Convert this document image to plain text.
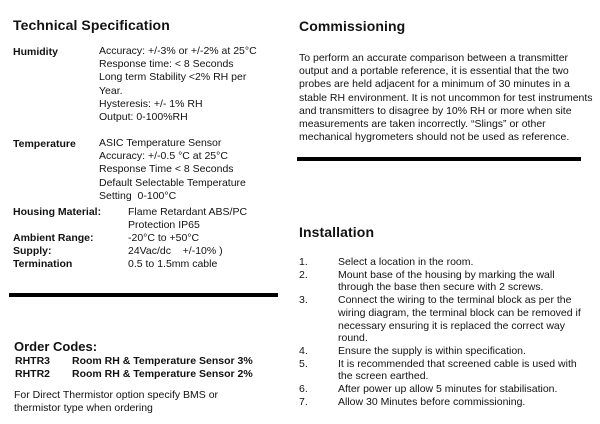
Technical Specification
Humidity	Accuracy: +/-3% or +/-2% at 25°C
Response time: < 8 Seconds
Long term Stability <2% RH per
Year.
Hysteresis: +/- 1% RH
Output: 0-100%RH
Temperature ASIC Temperature Sensor
Accuracy: +/-0.5 °C at 25°C
Response Time < 8 Seconds
Default Selectable Temperature
Setting  0-100°C
Housing Material:	Flame Retardant ABS/PC
Protection IP65
Ambient Range:	-20°C to +50°C
Supply:	24Vac/dc    +/-10% )
Termination	0.5 to 1.5mm cable
Order Codes:
RHTR3	Room RH & Temperature Sensor 3%
RHTR2	Room RH & Temperature Sensor 2%
For Direct Thermistor option specify BMS or
thermistor type when ordering
Commissioning
To perform an accurate comparison between a transmitter output and a portable reference, it is essential that the two probes are held adjacent for a minimum of 30 minutes in a stable RH environment. It is not uncommon for test instruments and transmitters to disagree by 10% RH or more when site measurements are taken incorrectly. “Slings” or other mechanical hygrometers should not be used as reference.
Installation
1.	Select a location in the room.
2.	Mount base of the housing by marking the wall through the base then secure with 2 screws.
3.	Connect the wiring to the terminal block as per the wiring diagram, the terminal block can be removed if necessary ensuring it is replaced the correct way round.
4.	Ensure the supply is within specification.
5.	It is recommended that screened cable is used with the screen earthed.
6.	After power up allow 5 minutes for stabilisation.
7.	Allow 30 Minutes before commissioning.
